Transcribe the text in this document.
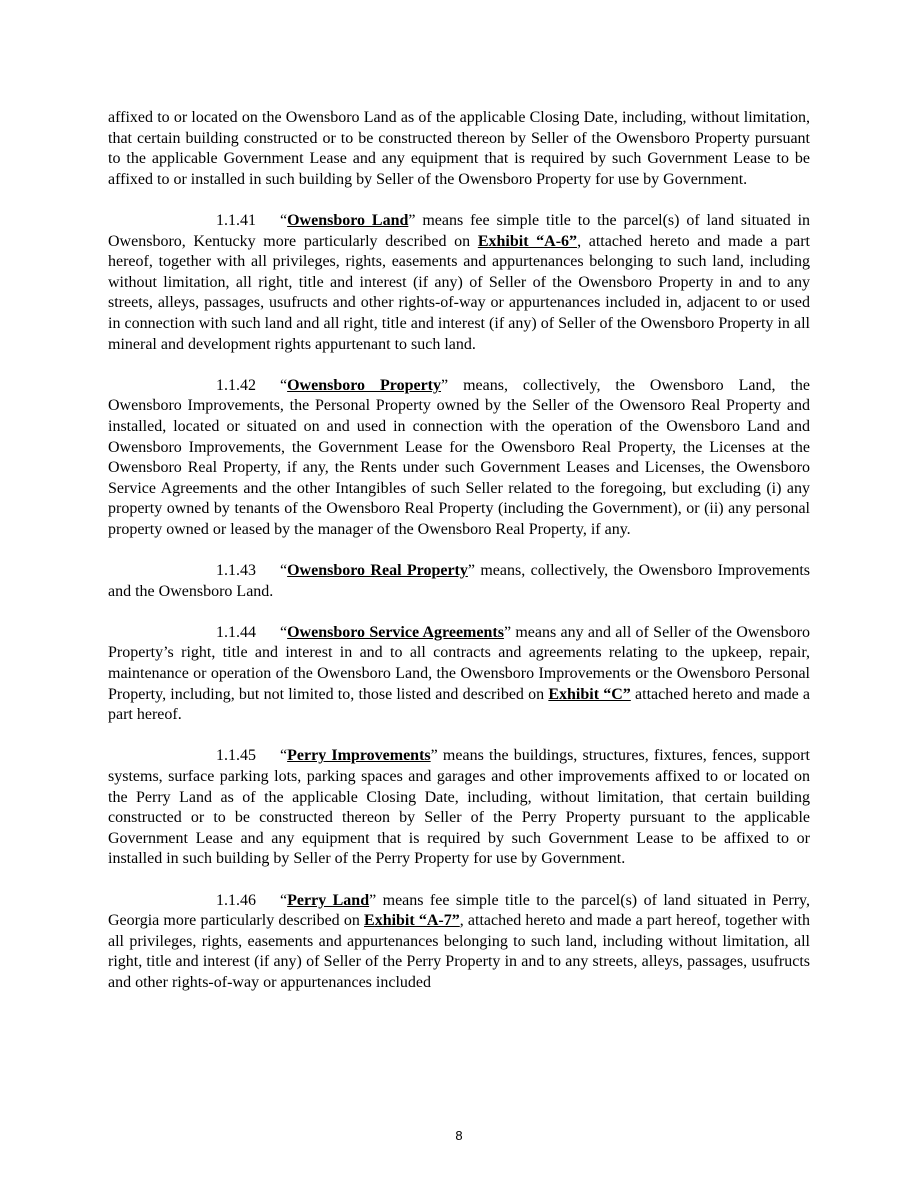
affixed to or located on the Owensboro Land as of the applicable Closing Date, including, without limitation, that certain building constructed or to be constructed thereon by Seller of the Owensboro Property pursuant to the applicable Government Lease and any equipment that is required by such Government Lease to be affixed to or installed in such building by Seller of the Owensboro Property for use by Government.

1.1.41 “Owensboro Land” means fee simple title to the parcel(s) of land situated in Owensboro, Kentucky more particularly described on Exhibit “A-6”, attached hereto and made a part hereof, together with all privileges, rights, easements and appurtenances belonging to such land, including without limitation, all right, title and interest (if any) of Seller of the Owensboro Property in and to any streets, alleys, passages, usufructs and other rights-of-way or appurtenances included in, adjacent to or used in connection with such land and all right, title and interest (if any) of Seller of the Owensboro Property in all mineral and development rights appurtenant to such land.

1.1.42 “Owensboro Property” means, collectively, the Owensboro Land, the Owensboro Improvements, the Personal Property owned by the Seller of the Owensoro Real Property and installed, located or situated on and used in connection with the operation of the Owensboro Land and Owensboro Improvements, the Government Lease for the Owensboro Real Property, the Licenses at the Owensboro Real Property, if any, the Rents under such Government Leases and Licenses, the Owensboro Service Agreements and the other Intangibles of such Seller related to the foregoing, but excluding (i) any property owned by tenants of the Owensboro Real Property (including the Government), or (ii) any personal property owned or leased by the manager of the Owensboro Real Property, if any.

1.1.43 “Owensboro Real Property” means, collectively, the Owensboro Improvements and the Owensboro Land.

1.1.44 “Owensboro Service Agreements” means any and all of Seller of the Owensboro Property’s right, title and interest in and to all contracts and agreements relating to the upkeep, repair, maintenance or operation of the Owensboro Land, the Owensboro Improvements or the Owensboro Personal Property, including, but not limited to, those listed and described on Exhibit “C” attached hereto and made a part hereof.

1.1.45 “Perry Improvements” means the buildings, structures, fixtures, fences, support systems, surface parking lots, parking spaces and garages and other improvements affixed to or located on the Perry Land as of the applicable Closing Date, including, without limitation, that certain building constructed or to be constructed thereon by Seller of the Perry Property pursuant to the applicable Government Lease and any equipment that is required by such Government Lease to be affixed to or installed in such building by Seller of the Perry Property for use by Government.

1.1.46 “Perry Land” means fee simple title to the parcel(s) of land situated in Perry, Georgia more particularly described on Exhibit “A-7”, attached hereto and made a part hereof, together with all privileges, rights, easements and appurtenances belonging to such land, including without limitation, all right, title and interest (if any) of Seller of the Perry Property in and to any streets, alleys, passages, usufructs and other rights-of-way or appurtenances included

8
